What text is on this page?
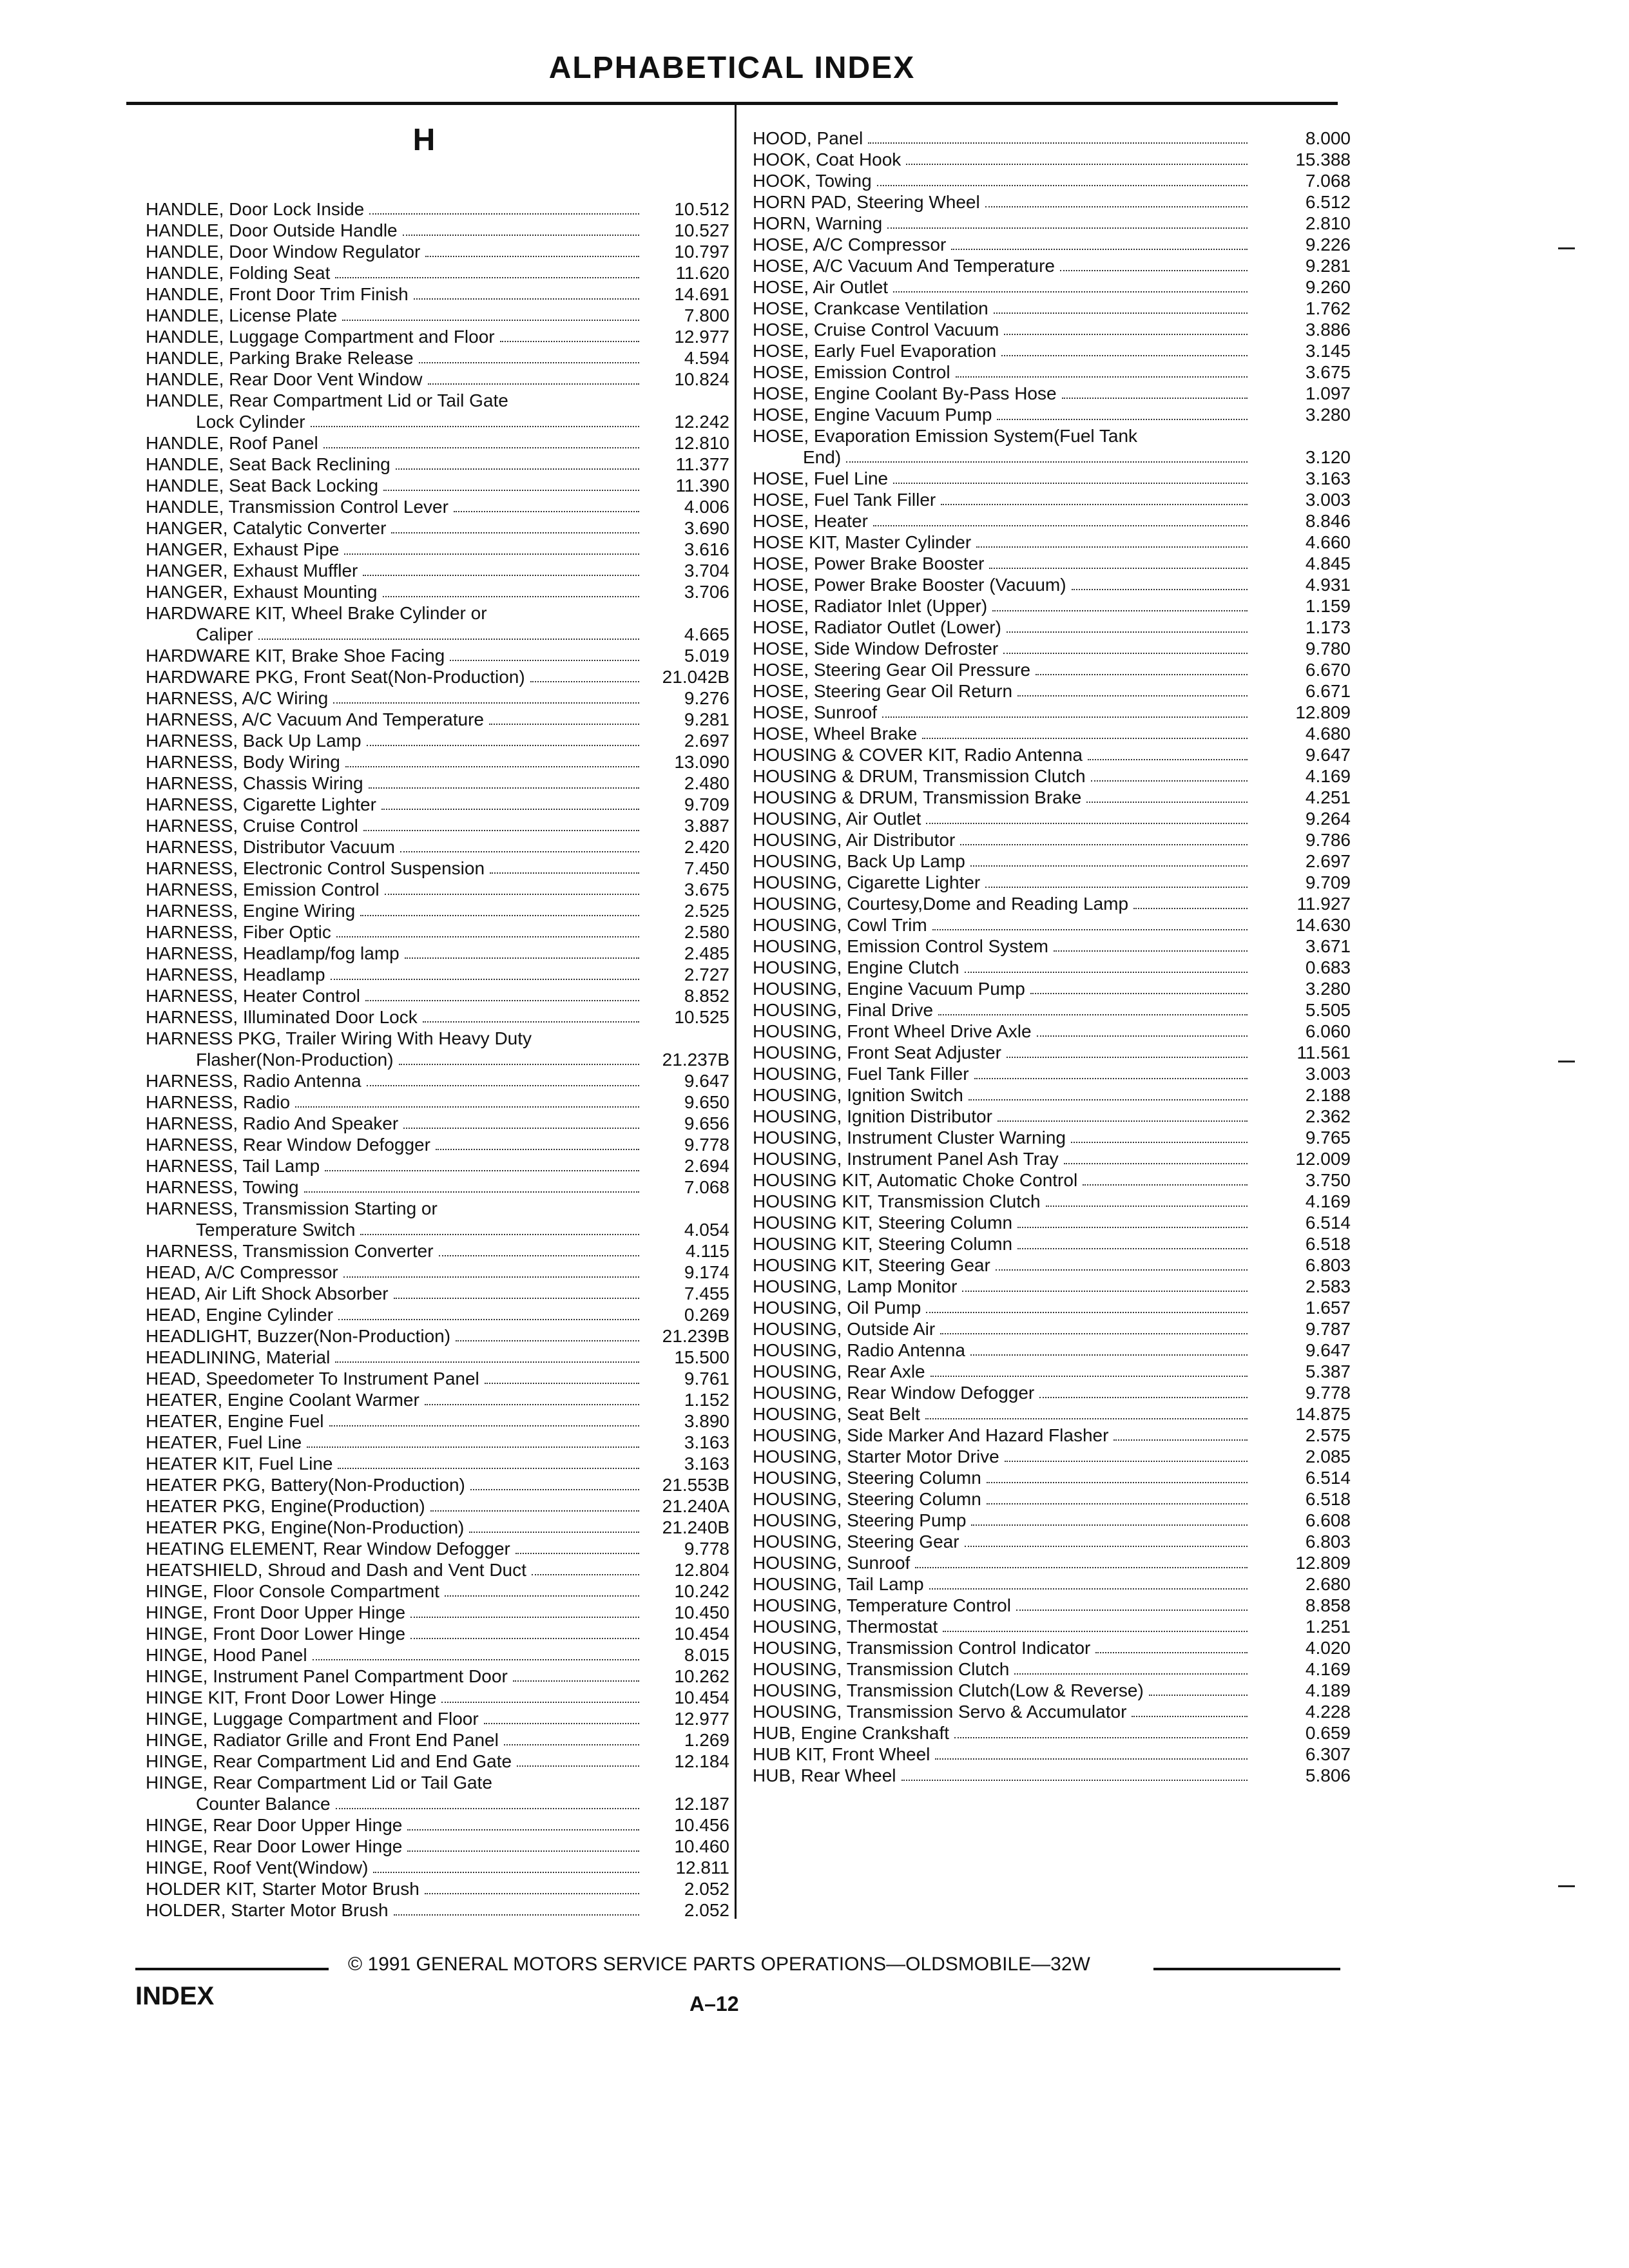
ALPHABETICAL INDEX
H
HANDLE, Door Lock Inside	10.512
HANDLE, Door Outside Handle	10.527
HANDLE, Door Window Regulator	10.797
HANDLE, Folding Seat	11.620
HANDLE, Front Door Trim Finish	14.691
HANDLE, License Plate	7.800
HANDLE, Luggage Compartment and Floor	12.977
HANDLE, Parking Brake Release	4.594
HANDLE, Rear Door Vent Window	10.824
HANDLE, Rear Compartment Lid or Tail Gate
Lock Cylinder	12.242
HANDLE, Roof Panel	12.810
HANDLE, Seat Back Reclining	11.377
HANDLE, Seat Back Locking	11.390
HANDLE, Transmission Control Lever	4.006
HANGER, Catalytic Converter	3.690
HANGER, Exhaust Pipe	3.616
HANGER, Exhaust Muffler	3.704
HANGER, Exhaust Mounting	3.706
HARDWARE KIT, Wheel Brake Cylinder or
Caliper	4.665
HARDWARE KIT, Brake Shoe Facing	5.019
HARDWARE PKG, Front Seat(Non-Production)	21.042B
HARNESS, A/C Wiring	9.276
HARNESS, A/C Vacuum And Temperature	9.281
HARNESS, Back Up Lamp	2.697
HARNESS, Body Wiring	13.090
HARNESS, Chassis Wiring	2.480
HARNESS, Cigarette Lighter	9.709
HARNESS, Cruise Control	3.887
HARNESS, Distributor Vacuum	2.420
HARNESS, Electronic Control Suspension	7.450
HARNESS, Emission Control	3.675
HARNESS, Engine Wiring	2.525
HARNESS, Fiber Optic	2.580
HARNESS, Headlamp/fog lamp	2.485
HARNESS, Headlamp	2.727
HARNESS, Heater Control	8.852
HARNESS, Illuminated Door Lock	10.525
HARNESS PKG, Trailer Wiring With Heavy Duty
Flasher(Non-Production)	21.237B
HARNESS, Radio Antenna	9.647
HARNESS, Radio	9.650
HARNESS, Radio And Speaker	9.656
HARNESS, Rear Window Defogger	9.778
HARNESS, Tail Lamp	2.694
HARNESS, Towing	7.068
HARNESS, Transmission Starting or
Temperature Switch	4.054
HARNESS, Transmission Converter	4.115
HEAD, A/C Compressor	9.174
HEAD, Air Lift Shock Absorber	7.455
HEAD, Engine Cylinder	0.269
HEADLIGHT, Buzzer(Non-Production)	21.239B
HEADLINING, Material	15.500
HEAD, Speedometer To Instrument Panel	9.761
HEATER, Engine Coolant Warmer	1.152
HEATER, Engine Fuel	3.890
HEATER, Fuel Line	3.163
HEATER KIT, Fuel Line	3.163
HEATER PKG, Battery(Non-Production)	21.553B
HEATER PKG, Engine(Production)	21.240A
HEATER PKG, Engine(Non-Production)	21.240B
HEATING ELEMENT, Rear Window Defogger	9.778
HEATSHIELD, Shroud and Dash and Vent Duct	12.804
HINGE, Floor Console Compartment	10.242
HINGE, Front Door Upper Hinge	10.450
HINGE, Front Door Lower Hinge	10.454
HINGE, Hood Panel	8.015
HINGE, Instrument Panel Compartment Door	10.262
HINGE KIT, Front Door Lower Hinge	10.454
HINGE, Luggage Compartment and Floor	12.977
HINGE, Radiator Grille and Front End Panel	1.269
HINGE, Rear Compartment Lid and End Gate	12.184
HINGE, Rear Compartment Lid or Tail Gate
Counter Balance	12.187
HINGE, Rear Door Upper Hinge	10.456
HINGE, Rear Door Lower Hinge	10.460
HINGE, Roof Vent(Window)	12.811
HOLDER KIT, Starter Motor Brush	2.052
HOLDER, Starter Motor Brush	2.052
HOOD, Panel	8.000
HOOK, Coat Hook	15.388
HOOK, Towing	7.068
HORN PAD, Steering Wheel	6.512
HORN, Warning	2.810
HOSE, A/C Compressor	9.226
HOSE, A/C Vacuum And Temperature	9.281
HOSE, Air Outlet	9.260
HOSE, Crankcase Ventilation	1.762
HOSE, Cruise Control Vacuum	3.886
HOSE, Early Fuel Evaporation	3.145
HOSE, Emission Control	3.675
HOSE, Engine Coolant By-Pass Hose	1.097
HOSE, Engine Vacuum Pump	3.280
HOSE, Evaporation Emission System(Fuel Tank
End)	3.120
HOSE, Fuel Line	3.163
HOSE, Fuel Tank Filler	3.003
HOSE, Heater	8.846
HOSE KIT, Master Cylinder	4.660
HOSE, Power Brake Booster	4.845
HOSE, Power Brake Booster (Vacuum)	4.931
HOSE, Radiator Inlet (Upper)	1.159
HOSE, Radiator Outlet (Lower)	1.173
HOSE, Side Window Defroster	9.780
HOSE, Steering Gear Oil Pressure	6.670
HOSE, Steering Gear Oil Return	6.671
HOSE, Sunroof	12.809
HOSE, Wheel Brake	4.680
HOUSING & COVER KIT, Radio Antenna	9.647
HOUSING & DRUM, Transmission Clutch	4.169
HOUSING & DRUM, Transmission Brake	4.251
HOUSING, Air Outlet	9.264
HOUSING, Air Distributor	9.786
HOUSING, Back Up Lamp	2.697
HOUSING, Cigarette Lighter	9.709
HOUSING, Courtesy,Dome and Reading Lamp	11.927
HOUSING, Cowl Trim	14.630
HOUSING, Emission Control System	3.671
HOUSING, Engine Clutch	0.683
HOUSING, Engine Vacuum Pump	3.280
HOUSING, Final Drive	5.505
HOUSING, Front Wheel Drive Axle	6.060
HOUSING, Front Seat Adjuster	11.561
HOUSING, Fuel Tank Filler	3.003
HOUSING, Ignition Switch	2.188
HOUSING, Ignition Distributor	2.362
HOUSING, Instrument Cluster Warning	9.765
HOUSING, Instrument Panel Ash Tray	12.009
HOUSING KIT, Automatic Choke Control	3.750
HOUSING KIT, Transmission Clutch	4.169
HOUSING KIT, Steering Column	6.514
HOUSING KIT, Steering Column	6.518
HOUSING KIT, Steering Gear	6.803
HOUSING, Lamp Monitor	2.583
HOUSING, Oil Pump	1.657
HOUSING, Outside Air	9.787
HOUSING, Radio Antenna	9.647
HOUSING, Rear Axle	5.387
HOUSING, Rear Window Defogger	9.778
HOUSING, Seat Belt	14.875
HOUSING, Side Marker And Hazard Flasher	2.575
HOUSING, Starter Motor Drive	2.085
HOUSING, Steering Column	6.514
HOUSING, Steering Column	6.518
HOUSING, Steering Pump	6.608
HOUSING, Steering Gear	6.803
HOUSING, Sunroof	12.809
HOUSING, Tail Lamp	2.680
HOUSING, Temperature Control	8.858
HOUSING, Thermostat	1.251
HOUSING, Transmission Control Indicator	4.020
HOUSING, Transmission Clutch	4.169
HOUSING, Transmission Clutch(Low & Reverse)	4.189
HOUSING, Transmission Servo & Accumulator	4.228
HUB, Engine Crankshaft	0.659
HUB KIT, Front Wheel	6.307
HUB, Rear Wheel	5.806
© 1991 GENERAL MOTORS SERVICE PARTS OPERATIONS—OLDSMOBILE—32W
INDEX	A–12
